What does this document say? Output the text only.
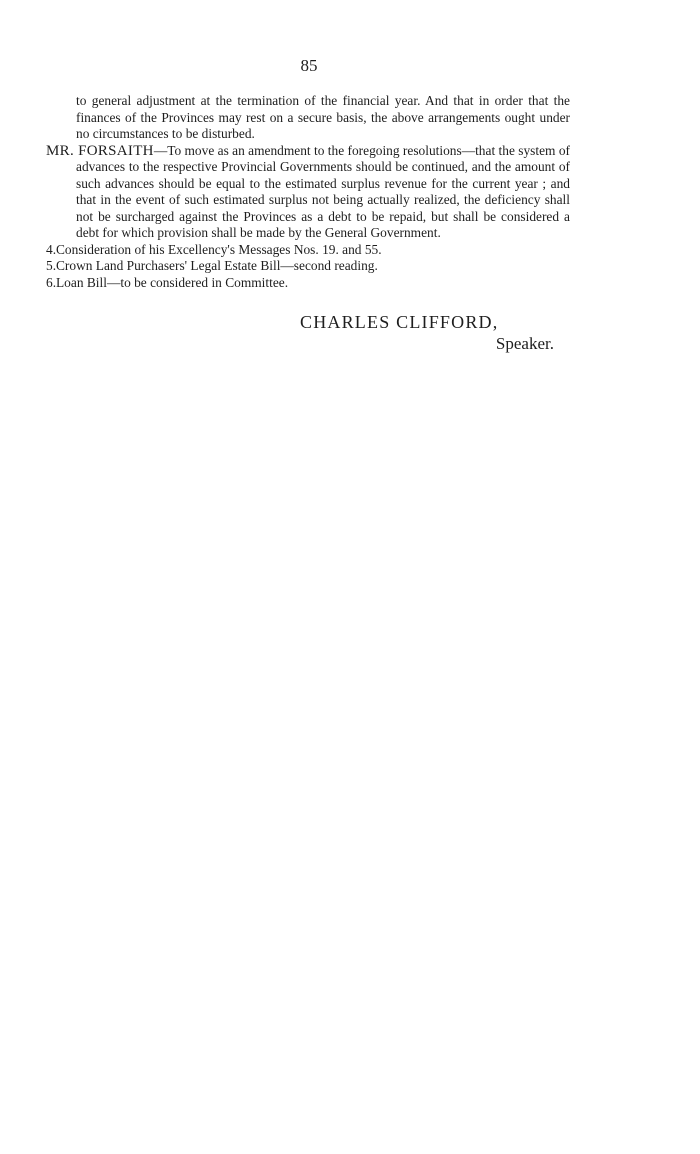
85

to general adjustment at the termination of the financial year. And that in order that the finances of the Provinces may rest on a secure basis, the above arrangements ought under no circumstances to be disturbed.

MR. FORSAITH—To move as an amendment to the foregoing resolutions—that the system of advances to the respective Provincial Governments should be continued, and the amount of such advances should be equal to the estimated surplus revenue for the current year ; and that in the event of such estimated surplus not being actually realized, the deficiency shall not be surcharged against the Provinces as a debt to be repaid, but shall be considered a debt for which provision shall be made by the General Government.

4. Consideration of his Excellency's Messages Nos. 19. and 55.
5. Crown Land Purchasers' Legal Estate Bill—second reading.
6. Loan Bill—to be considered in Committee.
CHARLES CLIFFORD,
Speaker.
